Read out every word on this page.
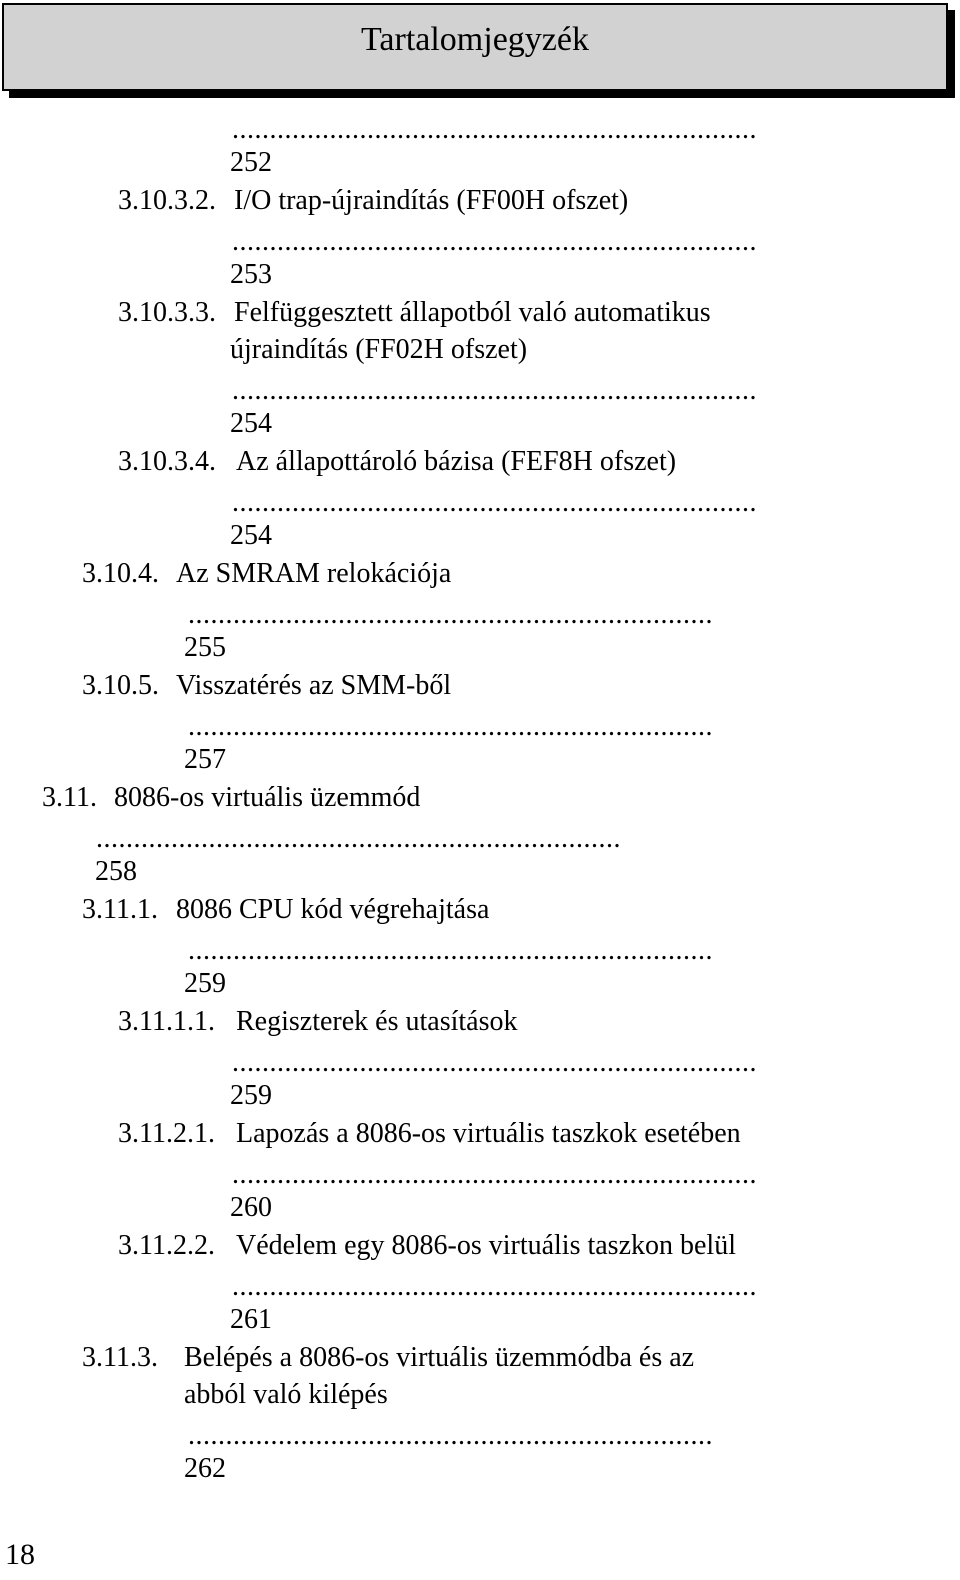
Tartalomjegyzék
......................................................................
252
3.10.3.2. I/O trap-újraindítás (FF00H ofszet)
......................................................................
253
3.10.3.3. Felfüggesztett állapotból való automatikus
újraindítás (FF02H ofszet)
......................................................................
254
3.10.3.4. Az állapottároló bázisa (FEF8H ofszet)
......................................................................
254
3.10.4. Az SMRAM relokációja
......................................................................
255
3.10.5. Visszatérés az SMM-ből
......................................................................
257
3.11. 8086-os virtuális üzemmód
......................................................................
258
3.11.1. 8086 CPU kód végrehajtása
......................................................................
259
3.11.1.1. Regiszterek és utasítások
......................................................................
259
3.11.2.1. Lapozás a 8086-os virtuális taszkok esetében
......................................................................
260
3.11.2.2. Védelem egy 8086-os virtuális taszkon belül
......................................................................
261
3.11.3. Belépés a 8086-os virtuális üzemmódba és az
abból való kilépés
......................................................................
262
18
